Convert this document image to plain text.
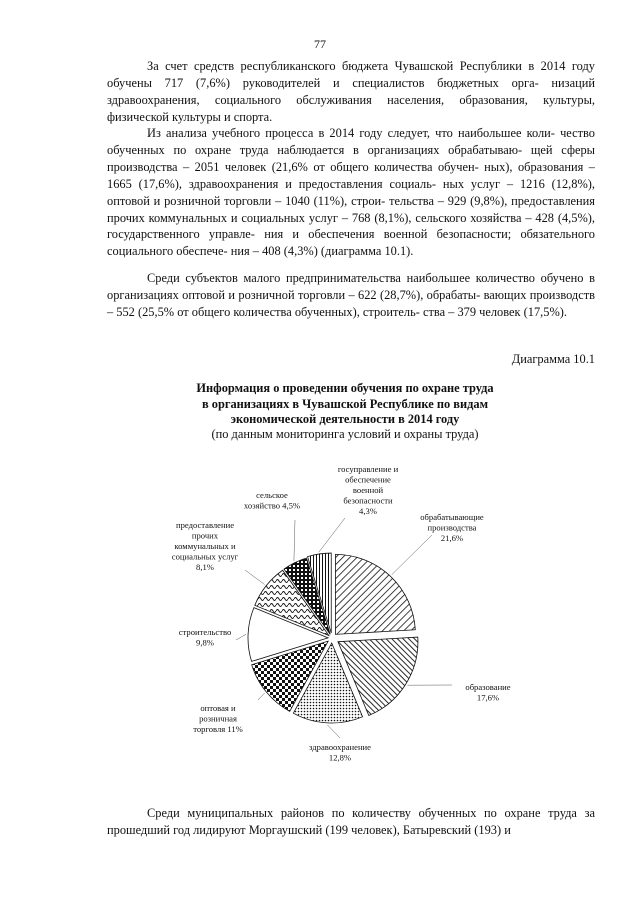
77

За счет средств республиканского бюджета Чувашской Республики в 2014 году обучены 717 (7,6%) руководителей и специалистов бюджетных орга- низаций здравоохранения, социального обслуживания населения, образования, культуры, физической культуры и спорта.

Из анализа учебного процесса в 2014 году следует, что наибольшее коли- чество обученных по охране труда наблюдается в организациях обрабатываю- щей сферы производства – 2051 человек (21,6% от общего количества обучен- ных), образования – 1665 (17,6%), здравоохранения и предоставления социаль- ных услуг – 1216 (12,8%), оптовой и розничной торговли – 1040 (11%), строи- тельства – 929 (9,8%), предоставления прочих коммунальных и социальных услуг – 768 (8,1%), сельского хозяйства – 428 (4,5%), государственного управле- ния и обеспечения военной безопасности; обязательного социального обеспече- ния – 408 (4,3%) (диаграмма 10.1).

Среди субъектов малого предпринимательства наибольшее количество обучено в организациях оптовой и розничной торговли – 622 (28,7%), обрабаты- вающих производств – 552 (25,5% от общего количества обученных), строитель- ства – 379 человек (17,5%).

Диаграмма 10.1
Информация о проведении обучения по охране труда
в организациях в Чувашской Республике по видам
экономической деятельности в 2014 году
(по данным мониторинга условий и охраны труда)
обрабатывающие производства 21,6%
образование 17,6%
здравоохранение 12,8%
оптовая и розничная торговля 11%
строительство 9,8%
предоставление прочих коммунальных и социальных услуг 8,1%
сельское хозяйство 4,5%
госуправление и обеспечение военной безопасности 4,3%

Среди муниципальных районов по количеству обученных по охране труда за прошедший год лидируют Моргаушский (199 человек), Батыревский (193) и
